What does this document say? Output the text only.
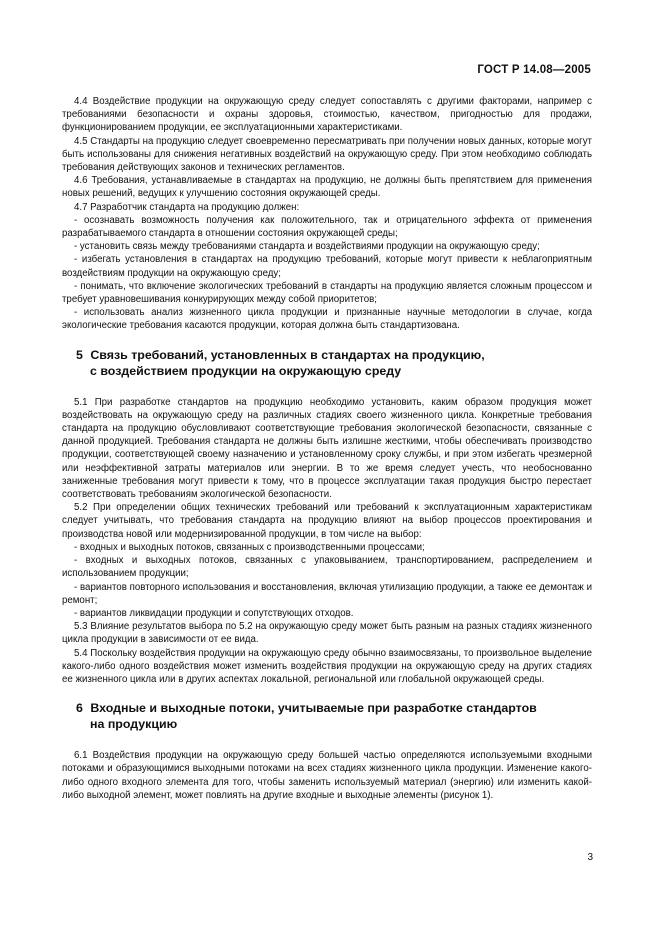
ГОСТ Р 14.08—2005

4.4 Воздействие продукции на окружающую среду следует сопоставлять с другими факторами, например с требованиями безопасности и охраны здоровья, стоимостью, качеством, пригодностью для продажи, функционированием продукции, ее эксплуатационными характеристиками.

4.5 Стандарты на продукцию следует своевременно пересматривать при получении новых данных, которые могут быть использованы для снижения негативных воздействий на окружающую среду. При этом необходимо соблюдать требования действующих законов и технических регламентов.

4.6 Требования, устанавливаемые в стандартах на продукцию, не должны быть препятствием для применения новых решений, ведущих к улучшению состояния окружающей среды.

4.7 Разработчик стандарта на продукцию должен:

- осознавать возможность получения как положительного, так и отрицательного эффекта от применения разрабатываемого стандарта в отношении состояния окружающей среды;

- установить связь между требованиями стандарта и воздействиями продукции на окружающую среду;

- избегать установления в стандартах на продукцию требований, которые могут привести к неблагоприятным воздействиям продукции на окружающую среду;

- понимать, что включение экологических требований в стандарты на продукцию является сложным процессом и требует уравновешивания конкурирующих между собой приоритетов;

- использовать анализ жизненного цикла продукции и признанные научные методологии в случае, когда экологические требования касаются продукции, которая должна быть стандартизована.

5 Связь требований, установленных в стандартах на продукцию,
с воздействием продукции на окружающую среду

5.1 При разработке стандартов на продукцию необходимо установить, каким образом продукция может воздействовать на окружающую среду на различных стадиях своего жизненного цикла. Конкретные требования стандарта на продукцию обусловливают соответствующие требования экологической безопасности, связанные с данной продукцией. Требования стандарта не должны быть излишне жесткими, чтобы обеспечивать производство продукции, соответствующей своему назначению и установленному сроку службы, и при этом избегать чрезмерной или неэффективной затраты материалов или энергии. В то же время следует учесть, что необоснованно заниженные требования могут привести к тому, что в процессе эксплуатации такая продукция быстро перестает соответствовать требованиям экологической безопасности.

5.2 При определении общих технических требований или требований к эксплуатационным характеристикам следует учитывать, что требования стандарта на продукцию влияют на выбор процессов проектирования и производства новой или модернизированной продукции, в том числе на выбор:

- входных и выходных потоков, связанных с производственными процессами;

- входных и выходных потоков, связанных с упаковыванием, транспортированием, распределением и использованием продукции;

- вариантов повторного использования и восстановления, включая утилизацию продукции, а также ее демонтаж и ремонт;

- вариантов ликвидации продукции и сопутствующих отходов.

5.3 Влияние результатов выбора по 5.2 на окружающую среду может быть разным на разных стадиях жизненного цикла продукции в зависимости от ее вида.

5.4 Поскольку воздействия продукции на окружающую среду обычно взаимосвязаны, то произвольное выделение какого-либо одного воздействия может изменить воздействия продукции на окружающую среду на других стадиях ее жизненного цикла или в других аспектах локальной, региональной или глобальной окружающей среды.

6 Входные и выходные потоки, учитываемые при разработке стандартов
на продукцию

6.1 Воздействия продукции на окружающую среду большей частью определяются используемыми входными потоками и образующимися выходными потоками на всех стадиях жизненного цикла продукции. Изменение какого-либо одного входного элемента для того, чтобы заменить используемый материал (энергию) или изменить какой-либо выходной элемент, может повлиять на другие входные и выходные элементы (рисунок 1).

3
